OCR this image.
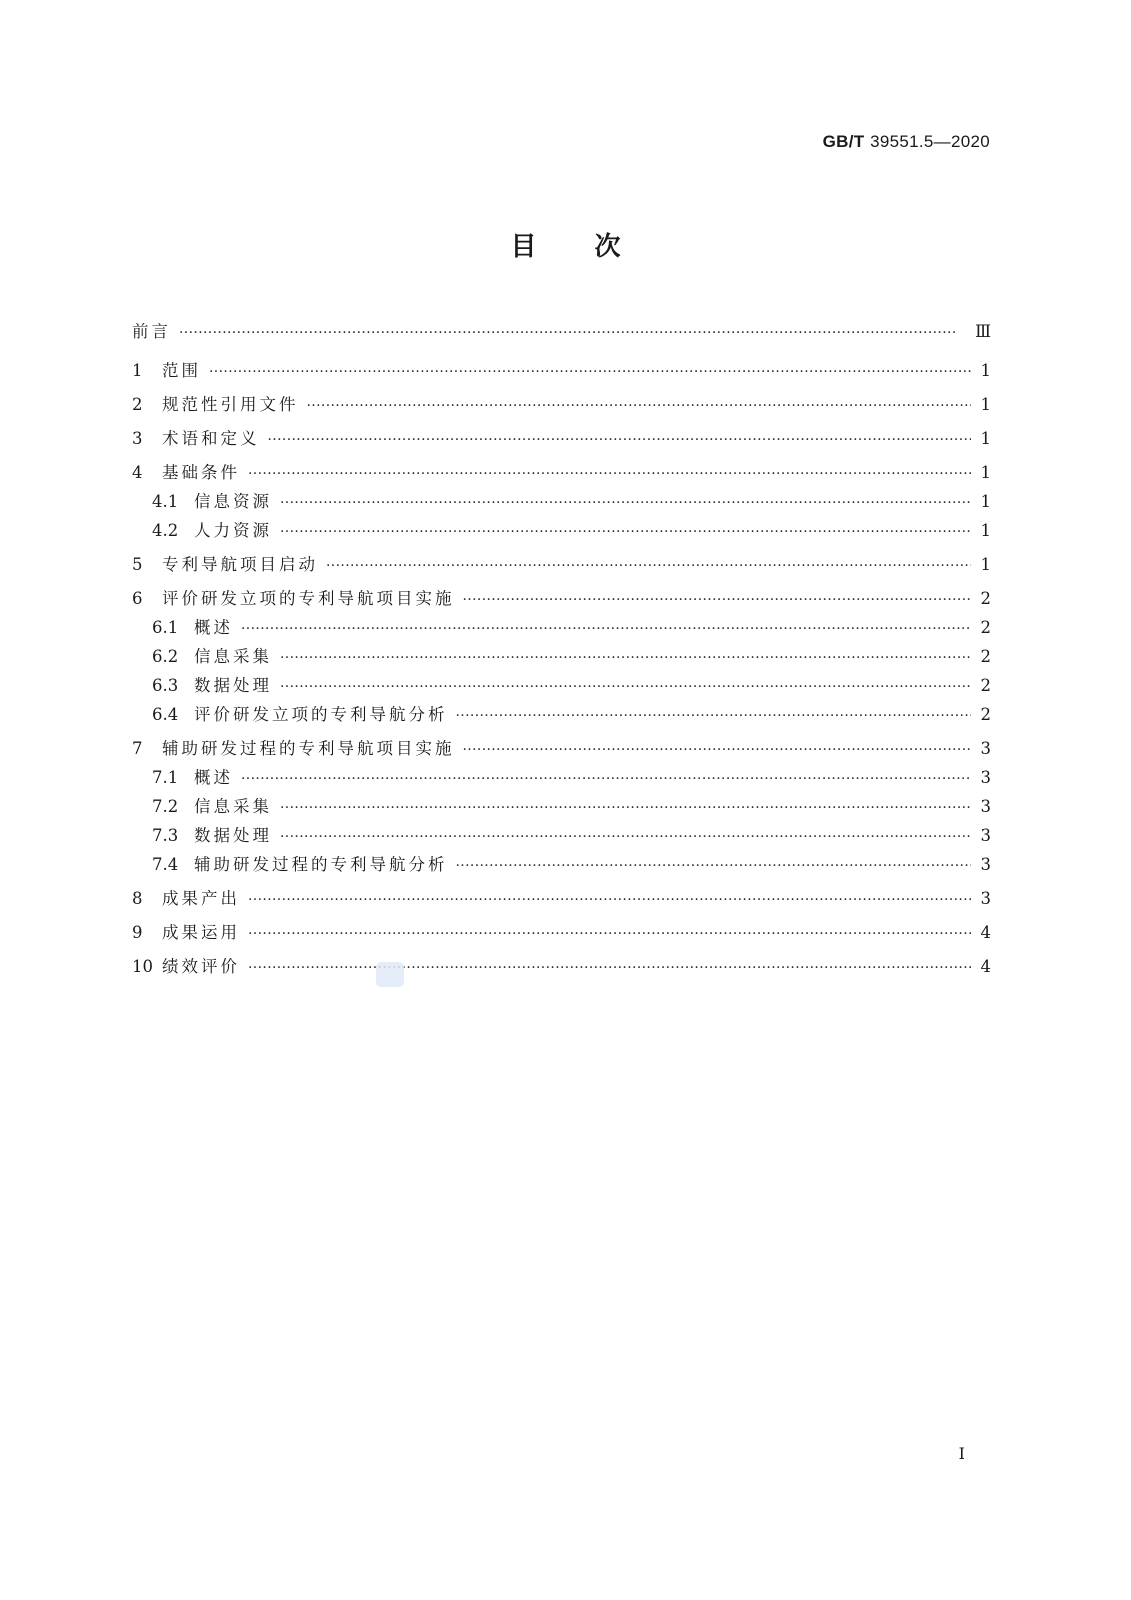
GB/T 39551.5—2020
目次
前言 ·····	Ⅲ
1	范围 ·····	1
2	规范性引用文件 ·····	1
3	术语和定义 ·····	1
4	基础条件 ·····	1
4.1 信息资源 ·····	1
4.2 人力资源 ·····	1
5	专利导航项目启动 ·····	1
6	评价研发立项的专利导航项目实施 ·····	2
6.1 概述 ·····	2
6.2 信息采集 ·····	2
6.3 数据处理 ·····	2
6.4 评价研发立项的专利导航分析 ·····	2
7	辅助研发过程的专利导航项目实施 ·····	3
7.1 概述 ·····	3
7.2 信息采集 ·····	3
7.3 数据处理 ·····	3
7.4 辅助研发过程的专利导航分析 ·····	3
8	成果产出 ·····	3
9	成果运用 ·····	4
10 绩效评价 ·····	4
I
